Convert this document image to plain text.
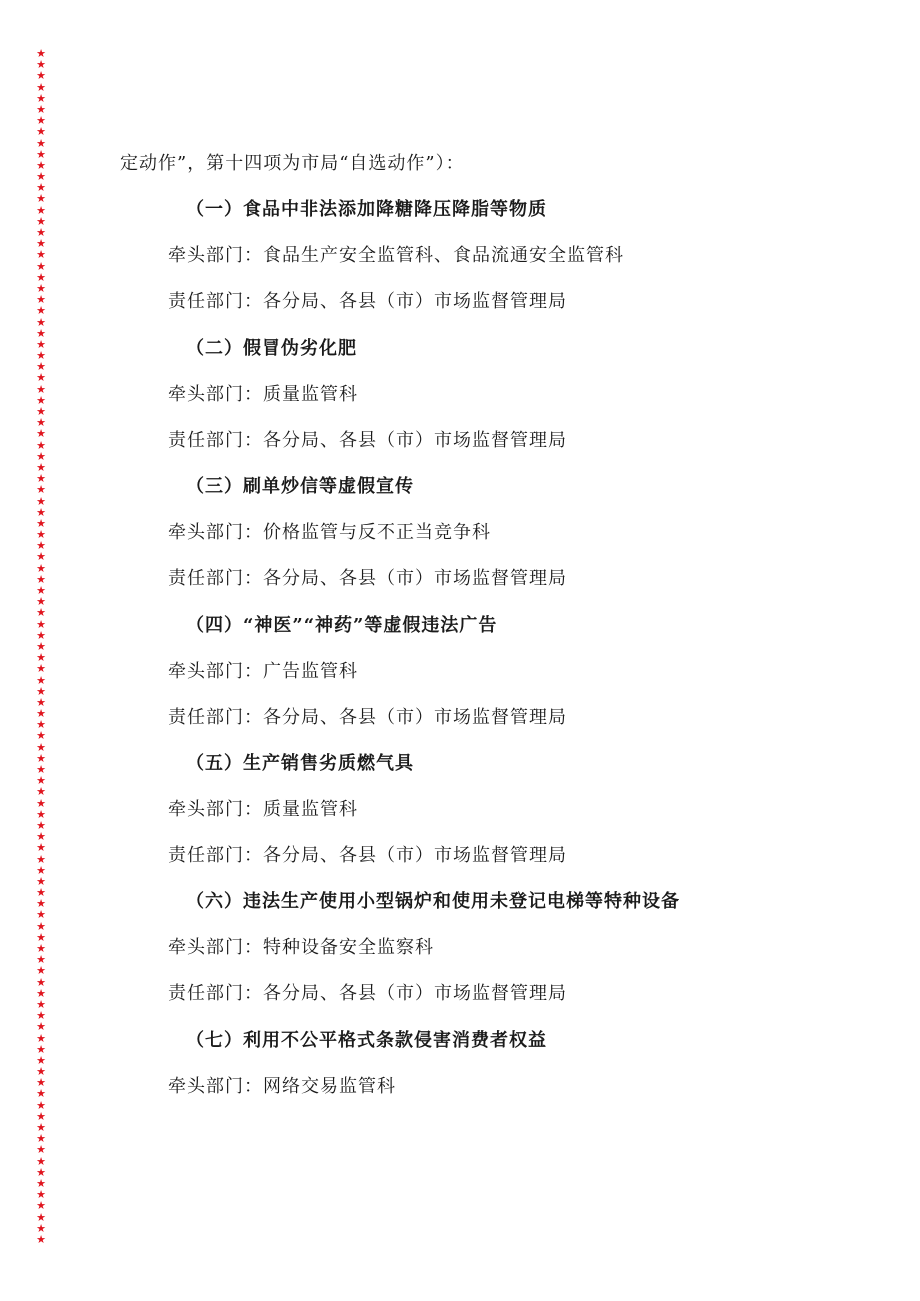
★
★
★
★
★
★
★
★
★
★
★
★
★
★
★
★
★
★
★
★
★
★
★
★
★
★
★
★
★
★
★
★
★
★
★
★
★
★
★
★
★
★
★
★
★
★
★
★
★
★
★
★
★
★
★
★
★
★
★
★
★
★
★
★
★
★
★
★
★
★
★
★
★
★
★
★
★
★
★
★
★
★
★
★
★
★
★
★
★
★
★
★
★
★
★
★
★
★
★
★
★
★
★
★
★
★
★
定动作”，第十四项为市局“自选动作”）：
（一）食品中非法添加降糖降压降脂等物质
牵头部门：食品生产安全监管科、食品流通安全监管科
责任部门：各分局、各县（市）市场监督管理局
（二）假冒伪劣化肥
牵头部门：质量监管科
责任部门：各分局、各县（市）市场监督管理局
（三）刷单炒信等虚假宣传
牵头部门：价格监管与反不正当竞争科
责任部门：各分局、各县（市）市场监督管理局
（四）“神医”“神药”等虚假违法广告
牵头部门：广告监管科
责任部门：各分局、各县（市）市场监督管理局
（五）生产销售劣质燃气具
牵头部门：质量监管科
责任部门：各分局、各县（市）市场监督管理局
（六）违法生产使用小型锅炉和使用未登记电梯等特种设备
牵头部门：特种设备安全监察科
责任部门：各分局、各县（市）市场监督管理局
（七）利用不公平格式条款侵害消费者权益
牵头部门：网络交易监管科
